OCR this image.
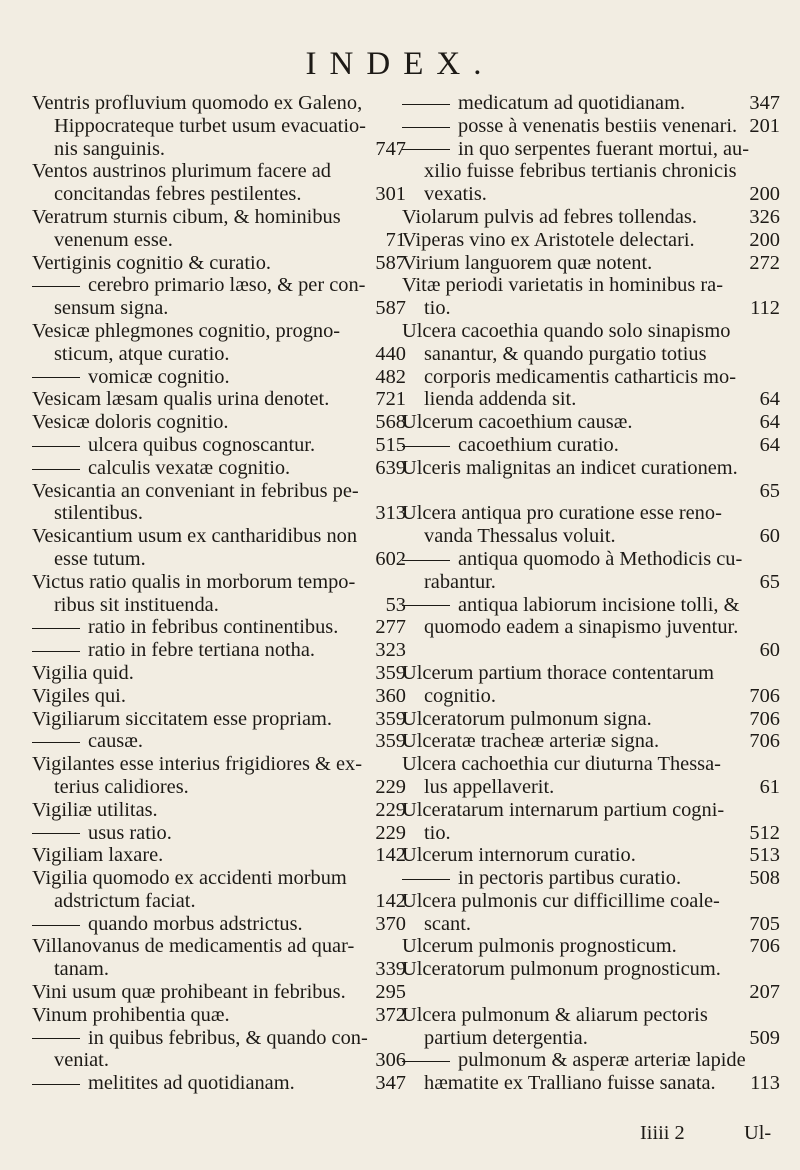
INDEX.
Ventris profluvium quomodo ex Galeno,
Hippocrateque turbet usum evacuatio-
nis sanguinis.	747
Ventos austrinos plurimum facere ad
concitandas febres pestilentes.	301
Veratrum sturnis cibum, & hominibus
venenum esse.	71
Vertiginis cognitio & curatio.	587
cerebro primario læso, & per con-
sensum signa.	587
Vesicæ phlegmones cognitio, progno-
sticum, atque curatio.	440
vomicæ cognitio.	482
Vesicam læsam qualis urina denotet.	721
Vesicæ doloris cognitio.	568
ulcera quibus cognoscantur.	515
calculis vexatæ cognitio.	639
Vesicantia an conveniant in febribus pe-
stilentibus.	313
Vesicantium usum ex cantharidibus non
esse tutum.	602
Victus ratio qualis in morborum tempo-
ribus sit instituenda.	53
ratio in febribus continentibus.	277
ratio in febre tertiana notha.	323
Vigilia quid.	359
Vigiles qui.	360
Vigiliarum siccitatem esse propriam.	359
causæ.	359
Vigilantes esse interius frigidiores & ex-
terius calidiores.	229
Vigiliæ utilitas.	229
usus ratio.	229
Vigiliam laxare.	142
Vigilia quomodo ex accidenti morbum
adstrictum faciat.	142
quando morbus adstrictus.	370
Villanovanus de medicamentis ad quar-
tanam.	339
Vini usum quæ prohibeant in febribus.	295
Vinum prohibentia quæ.	372
in quibus febribus, & quando con-
veniat.	306
melitites ad quotidianam.	347
medicatum ad quotidianam.	347
posse à venenatis bestiis venenari. 201
in quo serpentes fuerant mortui, au-
xilio fuisse febribus tertianis chronicis
vexatis.	200
Violarum pulvis ad febres tollendas.	326
Viperas vino ex Aristotele delectari.	200
Virium languorem quæ notent.	272
Vitæ periodi varietatis in hominibus ra-
tio.	112
Ulcera cacoethia quando solo sinapismo
sanantur, & quando purgatio totius
corporis medicamentis catharticis mo-
lienda addenda sit.	64
Ulcerum cacoethium causæ.	64
cacoethium curatio.	64
Ulceris malignitas an indicet curationem.
65
Ulcera antiqua pro curatione esse reno-
vanda Thessalus voluit.	60
antiqua quomodo à Methodicis cu-
rabantur.	65
antiqua labiorum incisione tolli, &
quomodo eadem a sinapismo juventur.
60
Ulcerum partium thorace contentarum
cognitio.	706
Ulceratorum pulmonum signa.	706
Ulceratæ tracheæ arteriæ signa.	706
Ulcera cachoethia cur diuturna Thessa-
lus appellaverit.	61
Ulceratarum internarum partium cogni-
tio.	512
Ulcerum internorum curatio.	513
in pectoris partibus curatio.	508
Ulcera pulmonis cur difficillime coale-
scant.	705
Ulcerum pulmonis prognosticum.	706
Ulceratorum pulmonum prognosticum.
207
Ulcera pulmonum & aliarum pectoris
partium detergentia.	509
pulmonum & asperæ arteriæ lapide
hæmatite ex Tralliano fuisse sanata.	113
Iiiii 2	Ul-
